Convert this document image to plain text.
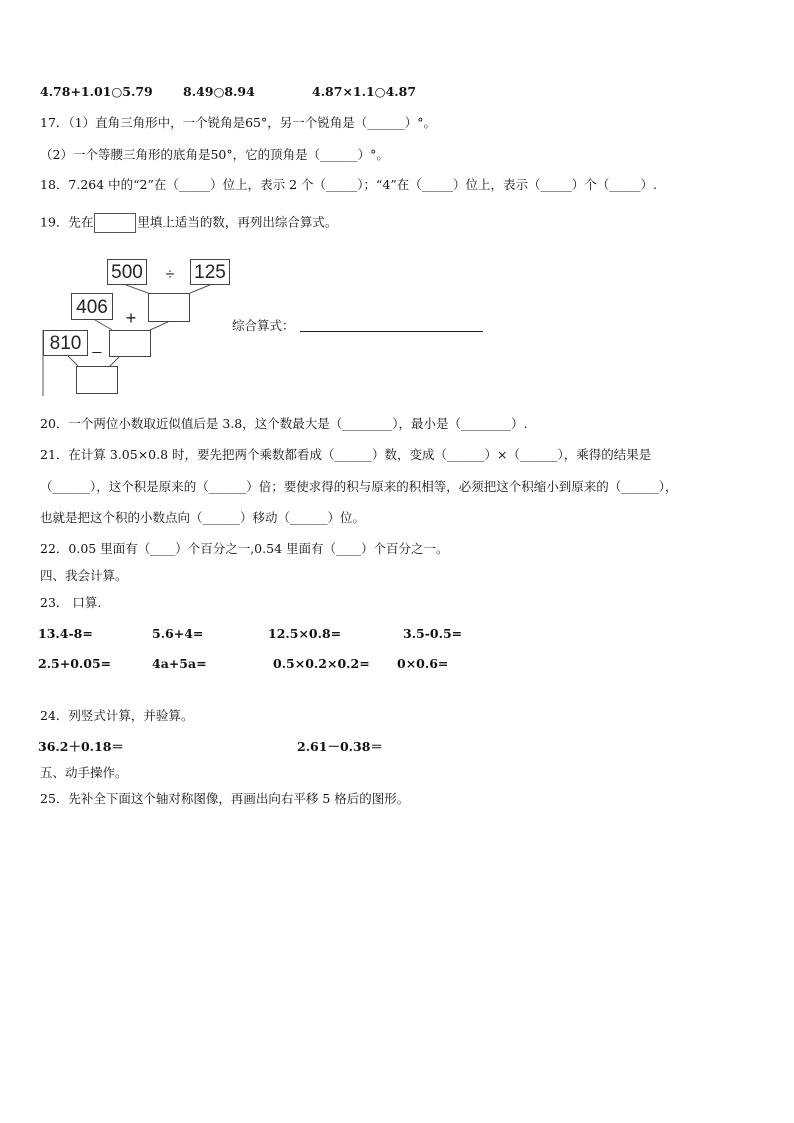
4.78+1.01○5.79 8.49○8.94	4.87×1.1○4.87
17．（1）直角三角形中，一个锐角是65°，另一个锐角是（______）°。
（2）一个等腰三角形的底角是50°，它的顶角是（______）°。
18．7.264 中的“2”在（_____）位上，表示 2 个（_____）；“4”在（_____）位上，表示（_____）个（_____）.
19．先在	里填上适当的数，再列出综合算式。
500 ÷ 125
406 +
810 _
综合算式：
20．一个两位小数取近似值后是 3.8，这个数最大是（________），最小是（________）.
21．在计算 3.05×0.8 时，要先把两个乘数都看成（______）数，变成（______）×（______），乘得的结果是
（______），这个积是原来的（______）倍；要使求得的积与原来的积相等，必须把这个积缩小到原来的（______），
也就是把这个积的小数点向（______）移动（______）位。
22．0.05 里面有（____）个百分之一,0.54 里面有（____）个百分之一。
四、我会计算。
23． 口算.
13.4-8=	5.6+4=	12.5×0.8=	3.5-0.5=
2.5+0.05=	4a+5a=	0.5×0.2×0.2= 0×0.6=
24．列竖式计算，并验算。
36.2＋0.18＝	2.61－0.38＝
五、动手操作。
25．先补全下面这个轴对称图像，再画出向右平移 5 格后的图形。
